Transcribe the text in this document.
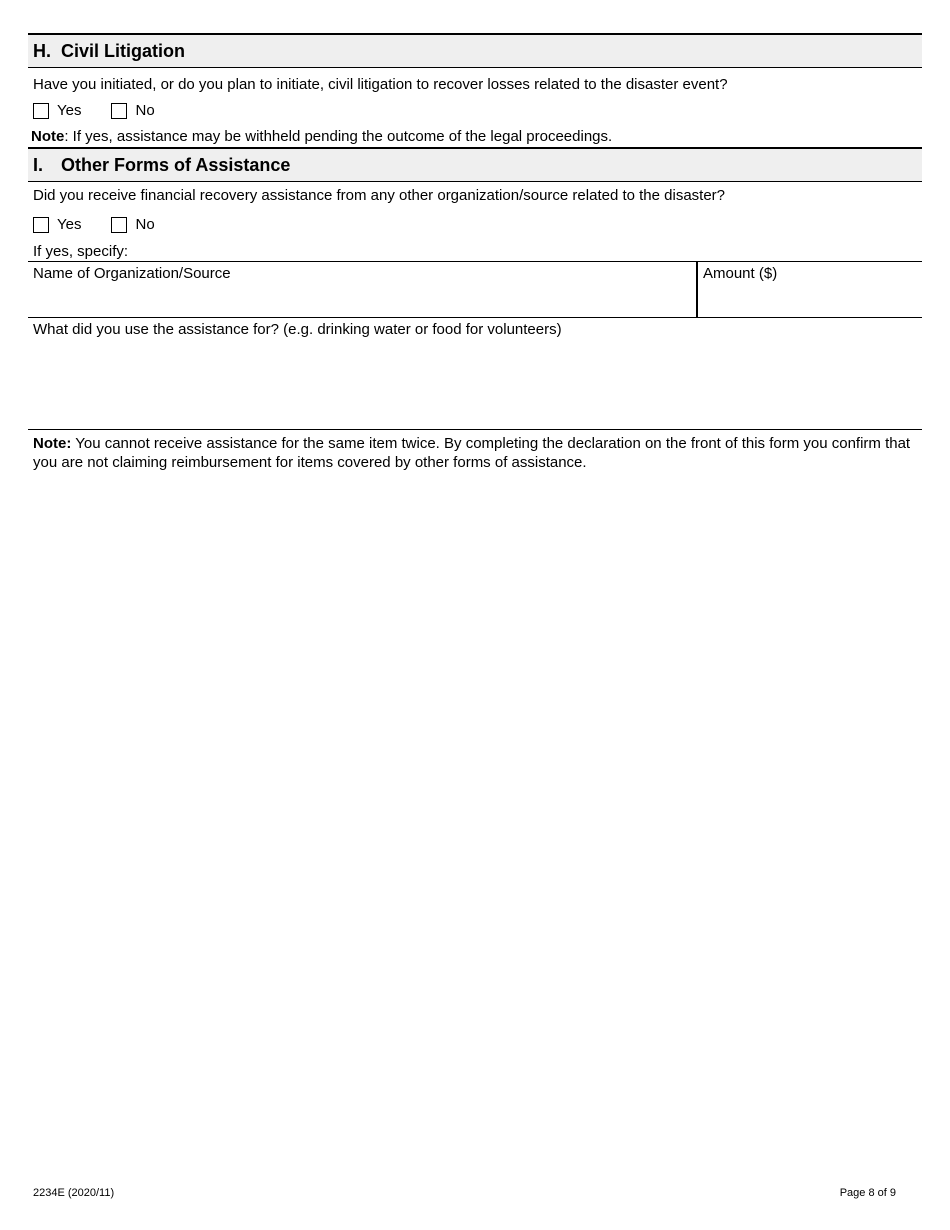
H. Civil Litigation
Have you initiated, or do you plan to initiate, civil litigation to recover losses related to the disaster event?
Yes	No
Note: If yes, assistance may be withheld pending the outcome of the legal proceedings.
I. Other Forms of Assistance
Did you receive financial recovery assistance from any other organization/source related to the disaster?
Yes	No
If yes, specify:
Name of Organization/Source	Amount ($)
What did you use the assistance for? (e.g. drinking water or food for volunteers)
Note: You cannot receive assistance for the same item twice. By completing the declaration on the front of this form you confirm that you are not claiming reimbursement for items covered by other forms of assistance.
2234E (2020/11)	Page 8 of 9
